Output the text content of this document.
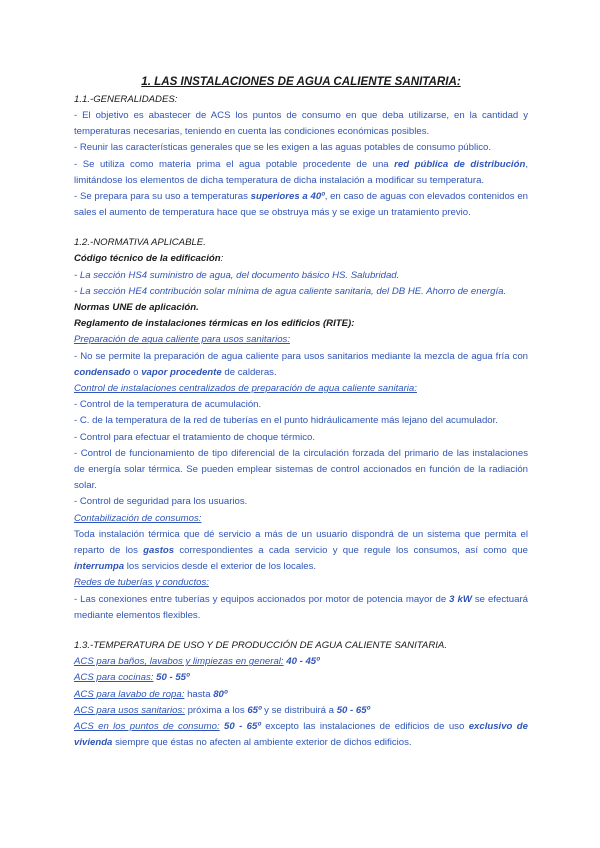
1. LAS INSTALACIONES DE AGUA CALIENTE SANITARIA:

1.1.-GENERALIDADES:

- El objetivo es abastecer de ACS los puntos de consumo en que deba utilizarse, en la cantidad y temperaturas necesarias, teniendo en cuenta las condiciones económicas posibles.

- Reunir las características generales que se les exigen a las aguas potables de consumo público.

- Se utiliza como materia prima el agua potable procedente de una red pública de distribución, limitándose los elementos de dicha temperatura de dicha instalación a modificar su temperatura.

- Se prepara para su uso a temperaturas superiores a 40º, en caso de aguas con elevados contenidos en sales el aumento de temperatura hace que se obstruya más y se exige un tratamiento previo.

1.2.-NORMATIVA APLICABLE.

Código técnico de la edificación:

- La sección HS4 suministro de agua, del documento básico HS. Salubridad.

- La sección HE4 contribución solar mínima de agua caliente sanitaria, del DB HE. Ahorro de energía.

Normas UNE de aplicación.

Reglamento de instalaciones térmicas en los edificios (RITE):

Preparación de agua caliente para usos sanitarios:

- No se permite la preparación de agua caliente para usos sanitarios mediante la mezcla de agua fría con condensado o vapor procedente de calderas.

Control de instalaciones centralizados de preparación de agua caliente sanitaria:

- Control de la temperatura de acumulación.

- C. de la temperatura de la red de tuberías en el punto hidráulicamente más lejano del acumulador.

- Control para efectuar el tratamiento de choque térmico.

- Control de funcionamiento de tipo diferencial de la circulación forzada del primario de las instalaciones de energía solar térmica. Se pueden emplear sistemas de control accionados en función de la radiación solar.

- Control de seguridad para los usuarios.

Contabilización de consumos:

Toda instalación térmica que dé servicio a más de un usuario dispondrá de un sistema que permita el reparto de los gastos correspondientes a cada servicio y que regule los consumos, así como que interrumpa los servicios desde el exterior de los locales.

Redes de tuberías y conductos:

- Las conexiones entre tuberías y equipos accionados por motor de potencia mayor de 3 kW se efectuará mediante elementos flexibles.

1.3.-TEMPERATURA DE USO Y DE PRODUCCIÓN DE AGUA CALIENTE SANITARIA.

ACS para baños, lavabos y limpiezas en general: 40 - 45º

ACS para cocinas: 50 - 55º

ACS para lavabo de ropa: hasta 80º

ACS para usos sanitarios: próxima a los 65º y se distribuirá a 50 - 65º

ACS en los puntos de consumo: 50 - 65º excepto las instalaciones de edificios de uso exclusivo de vivienda siempre que éstas no afecten al ambiente exterior de dichos edificios.
